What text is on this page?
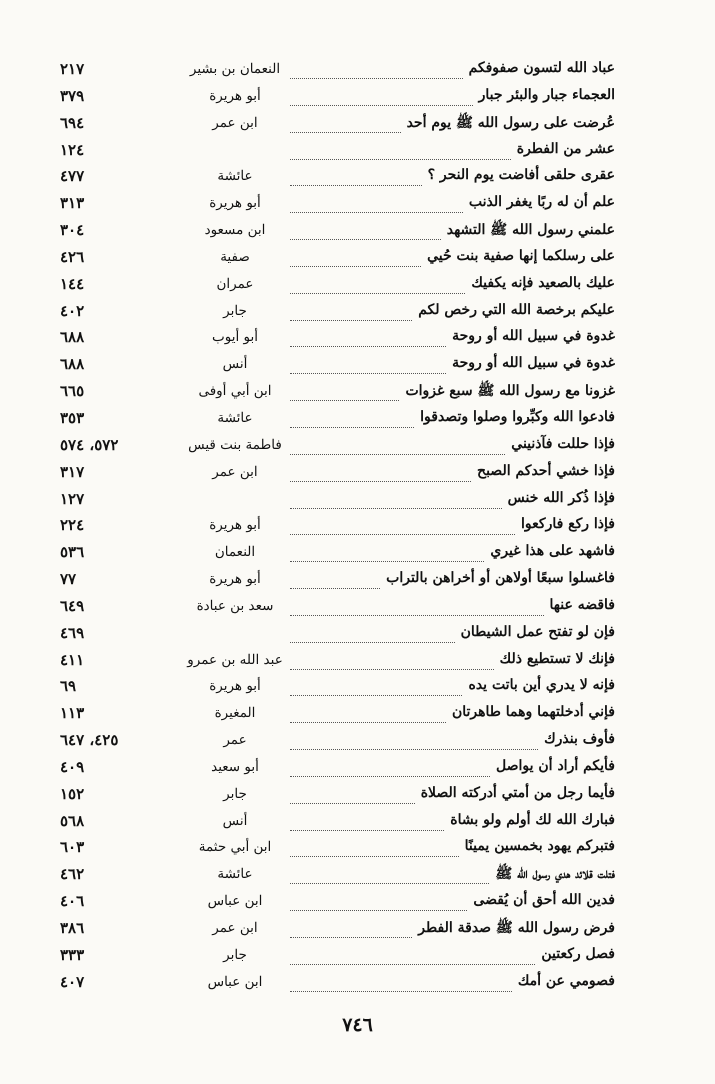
عباد الله لتسون صفوفكم
النعمان بن بشير
٢١٧
العجماء جبار والبئر جبار
أبو هريرة
٣٧٩
عُرضت على رسول الله ﷺ يوم أحد
ابن عمر
٦٩٤
عشر من الفطرة
١٢٤
عقرى حلقى أفاضت يوم النحر ؟
عائشة
٤٧٧
علم أن له ربًا يغفر الذنب
أبو هريرة
٣١٣
علمني رسول الله ﷺ التشهد
ابن مسعود
٣٠٤
على رسلكما إنها صفية بنت حُيي
صفية
٤٢٦
عليك بالصعيد فإنه يكفيك
عمران
١٤٤
عليكم برخصة الله التي رخص لكم
جابر
٤٠٢
غدوة في سبيل الله أو روحة
أبو أيوب
٦٨٨
غدوة في سبيل الله أو روحة
أنس
٦٨٨
غزونا مع رسول الله ﷺ سبع غزوات
ابن أبي أوفى
٦٦٥
فادعوا الله وكبِّروا وصلوا وتصدقوا
عائشة
٣٥٣
فإذا حللت فآذنيني
فاطمة بنت قيس
٥٧٢، ٥٧٤
فإذا خشي أحدكم الصبح
ابن عمر
٣١٧
فإذا ذُكر الله خنس
١٢٧
فإذا ركع فاركعوا
أبو هريرة
٢٢٤
فاشهد على هذا غيري
النعمان
٥٣٦
فاغسلوا سبعًا أولاهن أو أخراهن بالتراب
أبو هريرة
٧٧
فاقضه عنها
سعد بن عبادة
٦٤٩
فإن لو تفتح عمل الشيطان
٤٦٩
فإنك لا تستطيع ذلك
عبد الله بن عمرو
٤١١
فإنه لا يدري أين باتت يده
أبو هريرة
٦٩
فإني أدخلتهما وهما طاهرتان
المغيرة
١١٣
فأوف بنذرك
عمر
٤٢٥، ٦٤٧
فأيكم أراد أن يواصل
أبو سعيد
٤٠٩
فأيما رجل من أمتي أدركته الصلاة
جابر
١٥٢
فبارك الله لك أولم ولو بشاة
أنس
٥٦٨
فتبركم يهود بخمسين يمينًا
ابن أبي حثمة
٦٠٣
فتلت قلائد هدي رسول الله ﷺ
عائشة
٤٦٢
فدين الله أحق أن يُقضى
ابن عباس
٤٠٦
فرض رسول الله ﷺ صدقة الفطر
ابن عمر
٣٨٦
فصل ركعتين
جابر
٣٣٣
فصومي عن أمك
ابن عباس
٤٠٧
٧٤٦
